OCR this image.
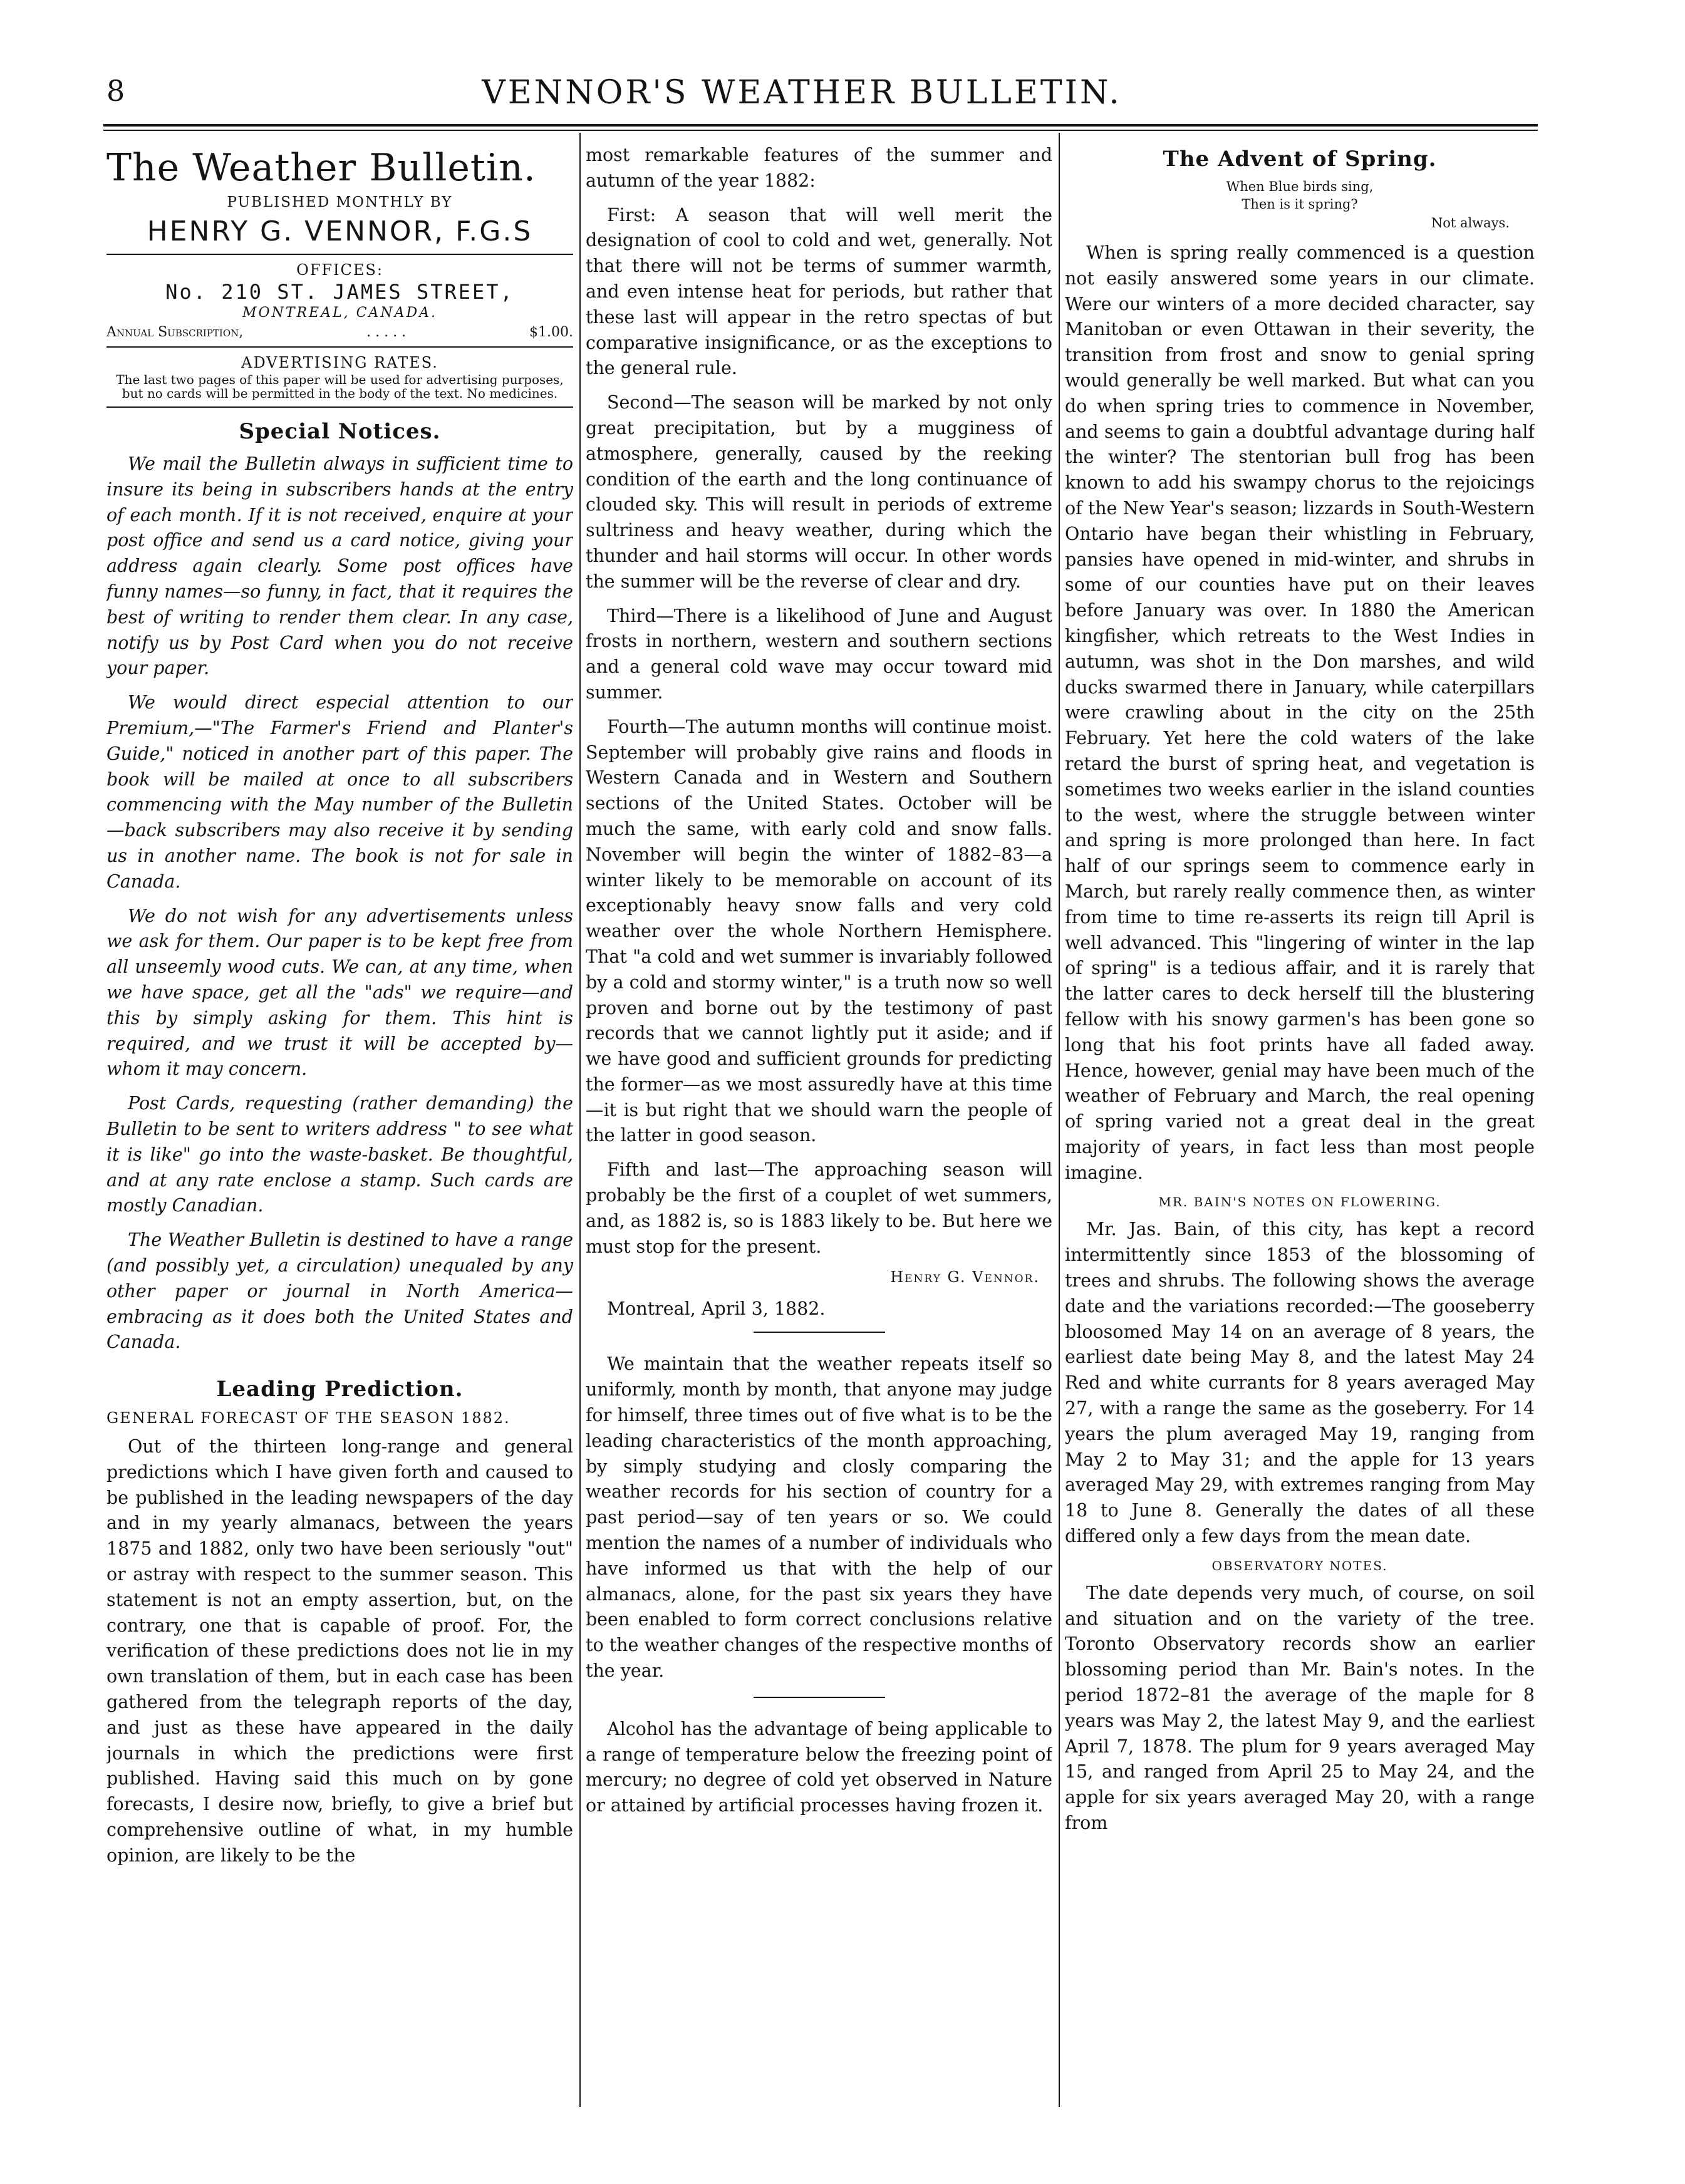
8	VENNOR'S WEATHER BULLETIN.
The Weather Bulletin.
PUBLISHED MONTHLY BY
HENRY G. VENNOR, F.G.S
OFFICES:
No. 210 ST. JAMES STREET,
MONTREAL, CANADA.
Annual Subscription,	. . . . .	$1.00.
ADVERTISING RATES.
The last two pages of this paper will be used for advertising purposes, but no cards will be permitted in the body of the text. No medicines.
Special Notices.

We mail the Bulletin always in sufficient time to insure its being in subscribers hands at the entry of each month. If it is not received, enquire at your post office and send us a card notice, giving your address again clearly. Some post offices have funny names—so funny, in fact, that it requires the best of writing to render them clear. In any case, notify us by Post Card when you do not receive your paper.

We would direct especial attention to our Premium,—"The Farmer's Friend and Planter's Guide," noticed in another part of this paper. The book will be mailed at once to all subscribers commencing with the May number of the Bulletin—back subscribers may also receive it by sending us in another name. The book is not for sale in Canada.

We do not wish for any advertisements unless we ask for them. Our paper is to be kept free from all unseemly wood cuts. We can, at any time, when we have space, get all the "ads" we require—and this by simply asking for them. This hint is required, and we trust it will be accepted by—whom it may concern.

Post Cards, requesting (rather demanding) the Bulletin to be sent to writers address " to see what it is like" go into the waste-basket. Be thoughtful, and at any rate enclose a stamp. Such cards are mostly Canadian.

The Weather Bulletin is destined to have a range (and possibly yet, a circulation) unequaled by any other paper or journal in North America—embracing as it does both the United States and Canada.

Leading Prediction.
GENERAL FORECAST OF THE SEASON 1882.

Out of the thirteen long-range and general predictions which I have given forth and caused to be published in the leading newspapers of the day and in my yearly almanacs, between the years 1875 and 1882, only two have been seriously "out" or astray with respect to the summer season. This statement is not an empty assertion, but, on the contrary, one that is capable of proof. For, the verification of these predictions does not lie in my own translation of them, but in each case has been gathered from the telegraph reports of the day, and just as these have appeared in the daily journals in which the predictions were first published. Having said this much on by gone forecasts, I desire now, briefly, to give a brief but comprehensive outline of what, in my humble opinion, are likely to be the

most remarkable features of the summer and autumn of the year 1882:

First: A season that will well merit the designation of cool to cold and wet, generally. Not that there will not be terms of summer warmth, and even intense heat for periods, but rather that these last will appear in the retro spectas of but comparative insignificance, or as the exceptions to the general rule.

Second—The season will be marked by not only great precipitation, but by a mugginess of atmosphere, generally, caused by the reeking condition of the earth and the long continuance of clouded sky. This will result in periods of extreme sultriness and heavy weather, during which the thunder and hail storms will occur. In other words the summer will be the reverse of clear and dry.

Third—There is a likelihood of June and August frosts in northern, western and southern sections and a general cold wave may occur toward mid summer.

Fourth—The autumn months will continue moist. September will probably give rains and floods in Western Canada and in Western and Southern sections of the United States. October will be much the same, with early cold and snow falls. November will begin the winter of 1882–83—a winter likely to be memorable on account of its exceptionably heavy snow falls and very cold weather over the whole Northern Hemisphere. That "a cold and wet summer is invariably followed by a cold and stormy winter," is a truth now so well proven and borne out by the testimony of past records that we cannot lightly put it aside; and if we have good and sufficient grounds for predicting the former—as we most assuredly have at this time—it is but right that we should warn the people of the latter in good season.

Fifth and last—The approaching season will probably be the first of a couplet of wet summers, and, as 1882 is, so is 1883 likely to be. But here we must stop for the present.

Henry G. Vennor.
Montreal, April 3, 1882.

We maintain that the weather repeats itself so uniformly, month by month, that anyone may judge for himself, three times out of five what is to be the leading characteristics of the month approaching, by simply studying and closly comparing the weather records for his section of country for a past period—say of ten years or so. We could mention the names of a number of individuals who have informed us that with the help of our almanacs, alone, for the past six years they have been enabled to form correct conclusions relative to the weather changes of the respective months of the year.

Alcohol has the advantage of being applicable to a range of temperature below the freezing point of mercury; no degree of cold yet observed in Nature or attained by artificial processes having frozen it.

The Advent of Spring.
When Blue birds sing,
Then is it spring?
Not always.

When is spring really commenced is a question not easily answered some years in our climate. Were our winters of a more decided character, say Manitoban or even Ottawan in their severity, the transition from frost and snow to genial spring would generally be well marked. But what can you do when spring tries to commence in November, and seems to gain a doubtful advantage during half the winter? The stentorian bull frog has been known to add his swampy chorus to the rejoicings of the New Year's season; lizzards in South-Western Ontario have began their whistling in February, pansies have opened in mid-winter, and shrubs in some of our counties have put on their leaves before January was over. In 1880 the American kingfisher, which retreats to the West Indies in autumn, was shot in the Don marshes, and wild ducks swarmed there in January, while caterpillars were crawling about in the city on the 25th February. Yet here the cold waters of the lake retard the burst of spring heat, and vegetation is sometimes two weeks earlier in the island counties to the west, where the struggle between winter and spring is more prolonged than here. In fact half of our springs seem to commence early in March, but rarely really commence then, as winter from time to time re-asserts its reign till April is well advanced. This "lingering of winter in the lap of spring" is a tedious affair, and it is rarely that the latter cares to deck herself till the blustering fellow with his snowy garmen's has been gone so long that his foot prints have all faded away. Hence, however, genial may have been much of the weather of February and March, the real opening of spring varied not a great deal in the great majority of years, in fact less than most people imagine.

MR. BAIN'S NOTES ON FLOWERING.

Mr. Jas. Bain, of this city, has kept a record intermittently since 1853 of the blossoming of trees and shrubs. The following shows the average date and the variations recorded:—The gooseberry bloosomed May 14 on an average of 8 years, the earliest date being May 8, and the latest May 24 Red and white currants for 8 years averaged May 27, with a range the same as the goseberry. For 14 years the plum averaged May 19, ranging from May 2 to May 31; and the apple for 13 years averaged May 29, with extremes ranging from May 18 to June 8. Generally the dates of all these differed only a few days from the mean date.

OBSERVATORY NOTES.

The date depends very much, of course, on soil and situation and on the variety of the tree. Toronto Observatory records show an earlier blossoming period than Mr. Bain's notes. In the period 1872–81 the average of the maple for 8 years was May 2, the latest May 9, and the earliest April 7, 1878. The plum for 9 years averaged May 15, and ranged from April 25 to May 24, and the apple for six years averaged May 20, with a range from
